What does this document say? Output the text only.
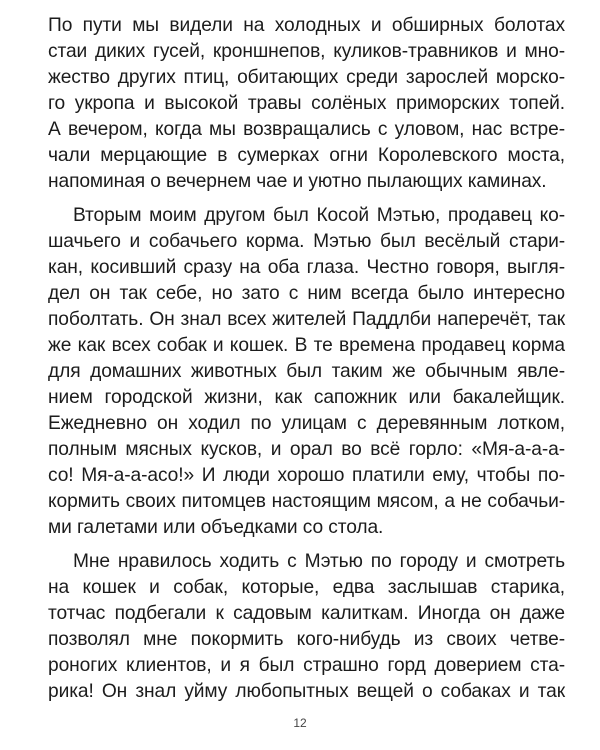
По пути мы видели на холодных и обширных болотах
стаи диких гусей, кроншнепов, куликов-травников и мно-
жество других птиц, обитающих среди зарослей морско-
го укропа и высокой травы солёных приморских топей.
А вечером, когда мы возвращались с уловом, нас встре-
чали мерцающие в сумерках огни Королевского моста,
напоминая о вечернем чае и уютно пылающих каминах.
Вторым моим другом был Косой Мэтью, продавец ко-
шачьего и собачьего корма. Мэтью был весёлый стари-
кан, косивший сразу на оба глаза. Честно говоря, выгля-
дел он так себе, но зато с ним всегда было интересно
поболтать. Он знал всех жителей Паддлби наперечёт, так
же как всех собак и кошек. В те времена продавец корма
для домашних животных был таким же обычным явле-
нием городской жизни, как сапожник или бакалейщик.
Ежедневно он ходил по улицам с деревянным лотком,
полным мясных кусков, и орал во всё горло: «Мя-а-а-а-
со! Мя-а-а-асо!» И люди хорошо платили ему, чтобы по-
кормить своих питомцев настоящим мясом, а не собачьи-
ми галетами или объедками со стола.
Мне нравилось ходить с Мэтью по городу и смотреть
на кошек и собак, которые, едва заслышав старика,
тотчас подбегали к садовым калиткам. Иногда он даже
позволял мне покормить кого-нибудь из своих четве-
роногих клиентов, и я был страшно горд доверием ста-
рика! Он знал уйму любопытных вещей о собаках и так
12
